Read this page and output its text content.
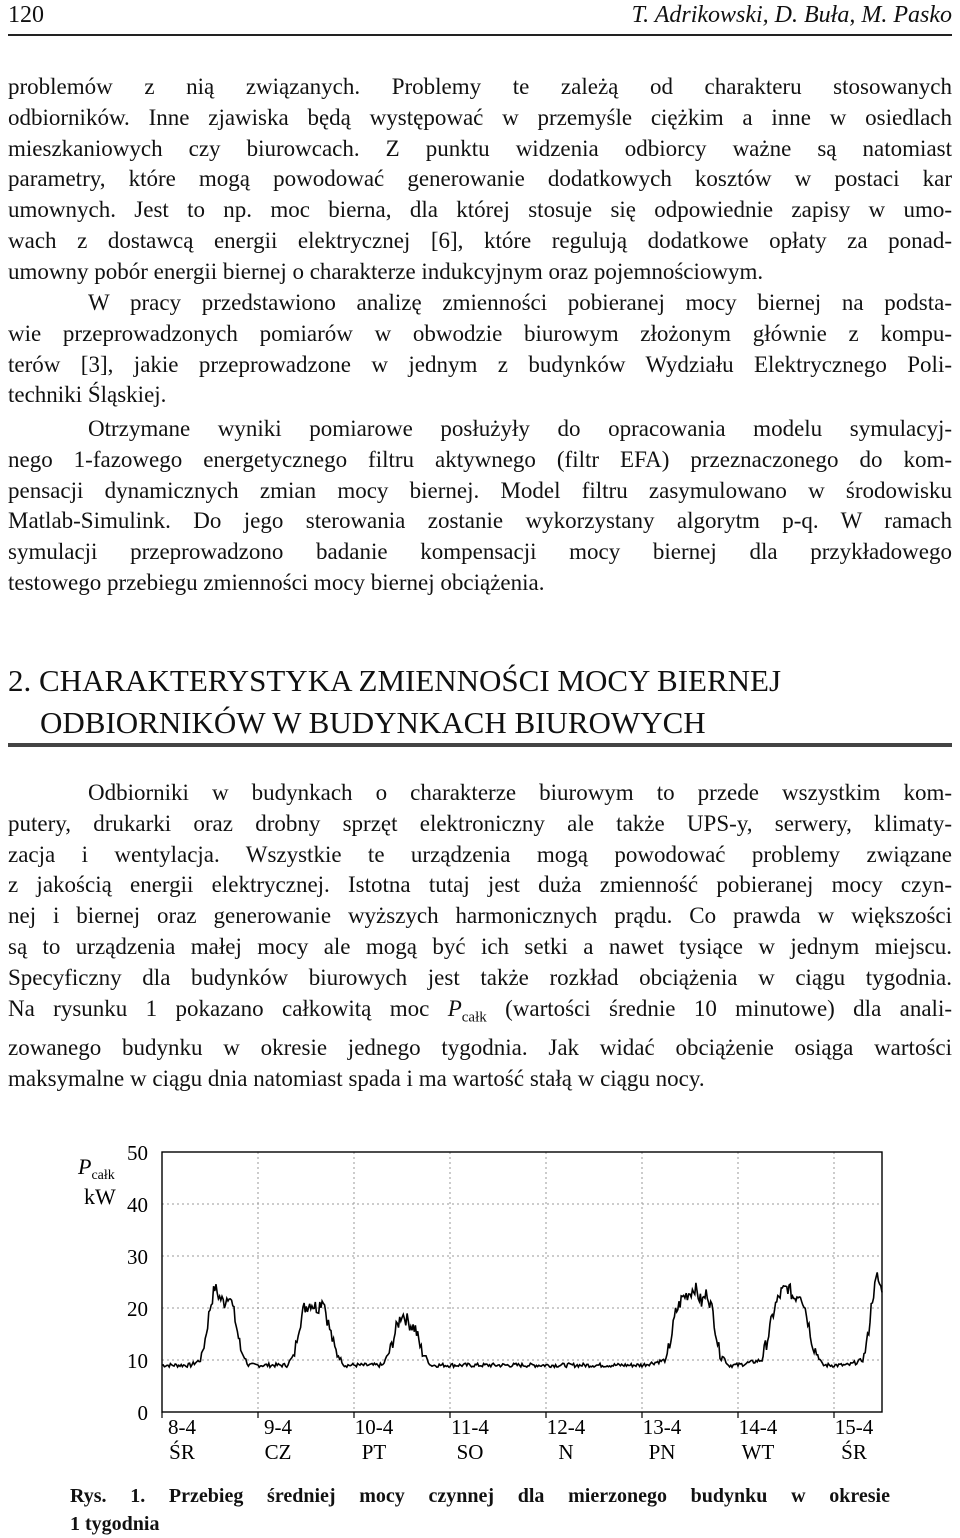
120	T. Adrikowski, D. Buła, M. Pasko

problemów z nią związanych. Problemy te zależą od charakteru stosowanych
odbiorników. Inne zjawiska będą występować w przemyśle ciężkim a inne w osiedlach
mieszkaniowych czy biurowcach. Z punktu widzenia odbiorcy ważne są natomiast
parametry, które mogą powodować generowanie dodatkowych kosztów w postaci kar
umownych. Jest to np. moc bierna, dla której stosuje się odpowiednie zapisy w umo-
wach z dostawcą energii elektrycznej [6], które regulują dodatkowe opłaty za ponad-
umowny pobór energii biernej o charakterze indukcyjnym oraz pojemnościowym.

W pracy przedstawiono analizę zmienności pobieranej mocy biernej na podsta-
wie przeprowadzonych pomiarów w obwodzie biurowym złożonym głównie z kompu-
terów [3], jakie przeprowadzone w jednym z budynków Wydziału Elektrycznego Poli-
techniki Śląskiej.

Otrzymane wyniki pomiarowe posłużyły do opracowania modelu symulacyj-
nego 1-fazowego energetycznego filtru aktywnego (filtr EFA) przeznaczonego do kom-
pensacji dynamicznych zmian mocy biernej. Model filtru zasymulowano w środowisku
Matlab-Simulink. Do jego sterowania zostanie wykorzystany algorytm p-q. W ramach
symulacji przeprowadzono badanie kompensacji mocy biernej dla przykładowego
testowego przebiegu zmienności mocy biernej obciążenia.

2. CHARAKTERYSTYKA ZMIENNOŚCI MOCY BIERNEJ
ODBIORNIKÓW W BUDYNKACH BIUROWYCH

Odbiorniki w budynkach o charakterze biurowym to przede wszystkim kom-
putery, drukarki oraz drobny sprzęt elektroniczny ale także UPS-y, serwery, klimaty-
zacja i wentylacja. Wszystkie te urządzenia mogą powodować problemy związane
z jakością energii elektrycznej. Istotna tutaj jest duża zmienność pobieranej mocy czyn-
nej i biernej oraz generowanie wyższych harmonicznych prądu. Co prawda w większości
są to urządzenia małej mocy ale mogą być ich setki a nawet tysiące w jednym miejscu.
Specyficzny dla budynków biurowych jest także rozkład obciążenia w ciągu tygodnia.
Na rysunku 1 pokazano całkowitą moc $P_{całk}$ (wartości średnie 10 minutowe) dla anali-
zowanego budynku w okresie jednego tygodnia. Jak widać obciążenie osiąga wartości
maksymalne w ciągu dnia natomiast spada i ma wartość stałą w ciągu nocy.

$P_{całk}$
kW
0
10
20
30
40
50
8-4
ŚR
9-4
CZ
10-4
PT
11-4
SO
12-4
N
13-4
PN
14-4
WT
15-4
ŚR
Rys. 1. Przebieg średniej mocy czynnej dla mierzonego budynku w okresie
1 tygodnia
